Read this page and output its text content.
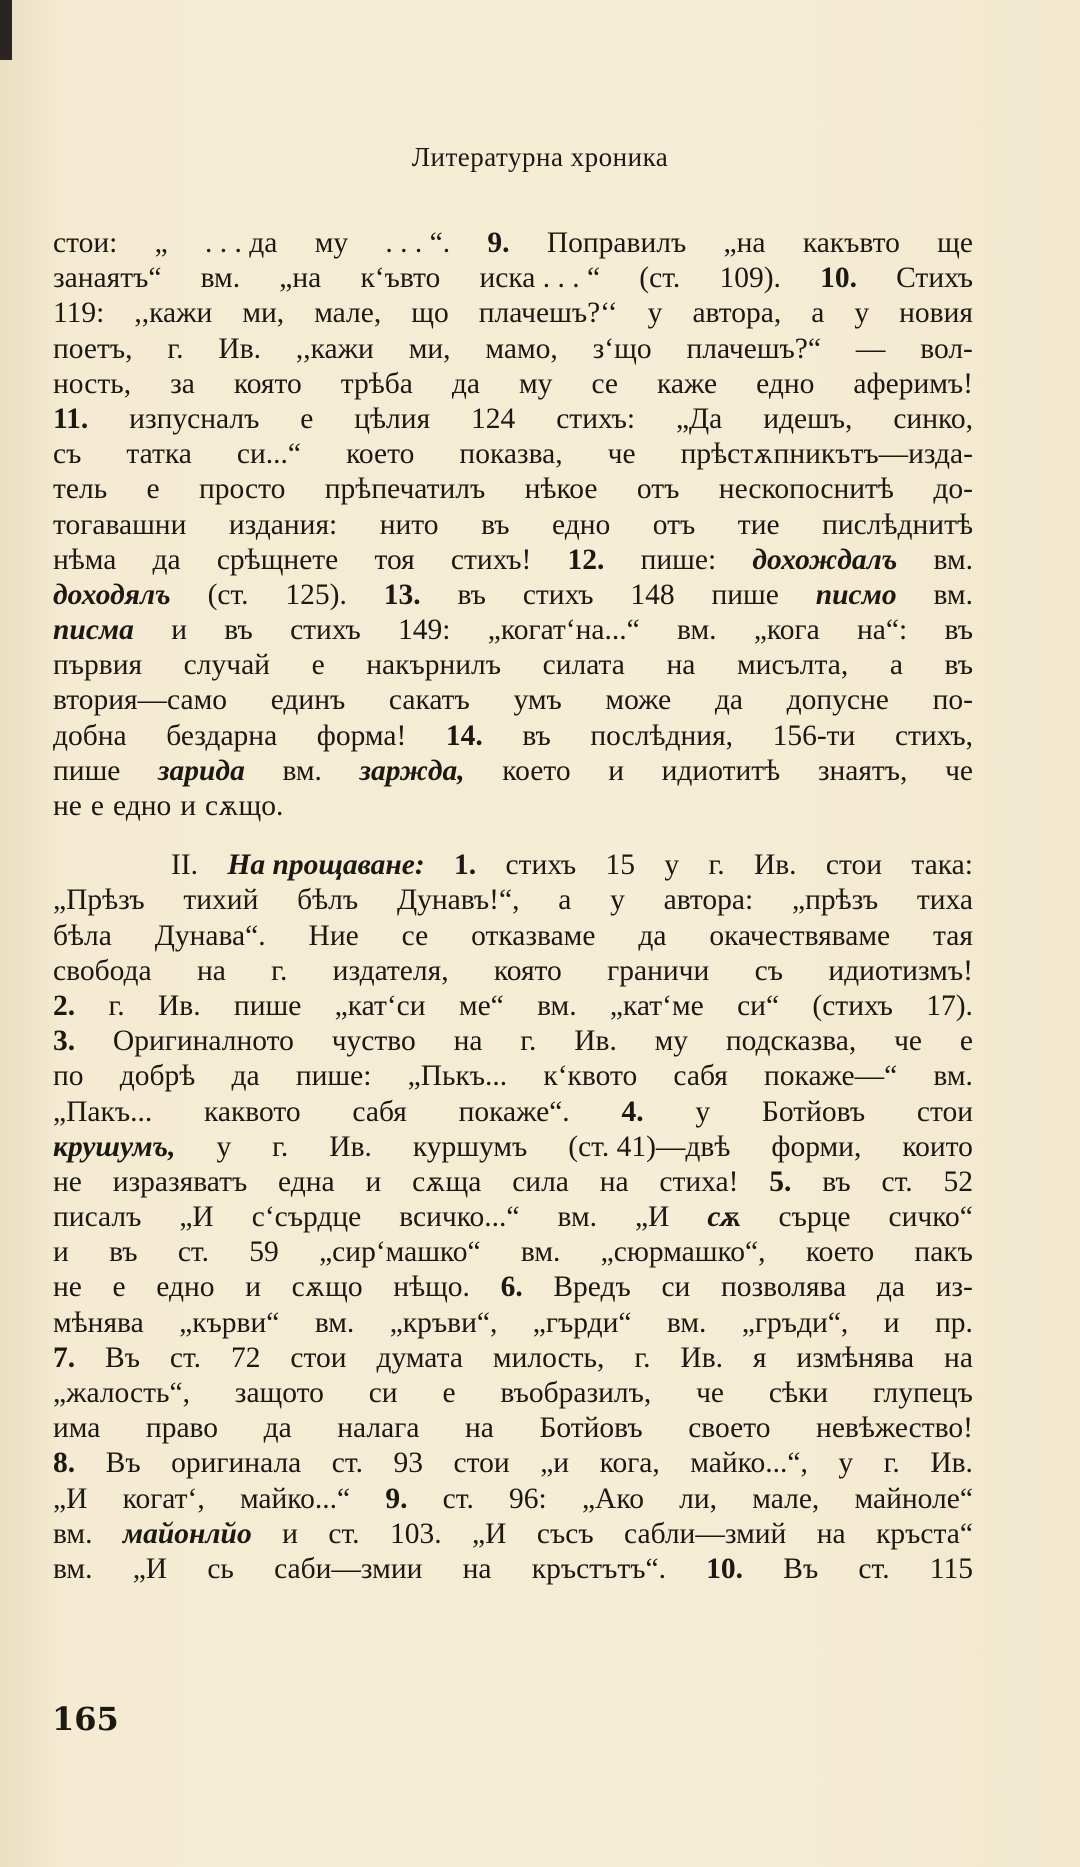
Литературна хроника
стои: „ . . . да му . . . “. 9. Поправилъ „на какъвто ще
занаятъ“ вм. „на к‘ъвто иска . . . “ (ст. 109). 10. Стихъ
119: ,,кажи ми, мале, що плачешъ?‘‘ у автора, а у новия
поетъ, г. Ив. ,,кажи ми, мамо, з‘що плачешъ?“ — вол-
ность, за която трѣба да му се каже едно аферимъ!
11. изпусналъ е цѣлия 124 стихъ: „Да идешъ, синко,
съ татка си...“ което показва, че прѣстѫпникътъ—изда-
тель е просто прѣпечатилъ нѣкое отъ нескопоснитѣ до-
тогавашни издания: нито въ едно отъ тие пислѣднитѣ
нѣма да срѣщнете тоя стихъ! 12. пише: дохождалъ вм.
доходялъ (ст. 125). 13. въ стихъ 148 пише писмо вм.
писма и въ стихъ 149: „когат‘на...“ вм. „кога на“: въ
първия случай е накърнилъ силата на мисълта, а въ
втория—само единъ сакатъ умъ може да допусне по-
добна бездарна форма! 14. въ послѣдния, 156-ти стихъ,
пише зарида вм. заржда, което и идиотитѣ знаятъ, че
не е едно и сѫщо.
II. На прощаване: 1. стихъ 15 у г. Ив. стои така:
„Прѣзъ тихий бѣлъ Дунавъ!“, а у автора: „прѣзъ тиха
бѣла Дунава“. Ние се отказваме да окачествяваме тая
свобода на г. издателя, която граничи съ идиотизмъ!
2. г. Ив. пише „кат‘си ме“ вм. „кат‘ме си“ (стихъ 17).
3. Оригиналното чуство на г. Ив. му подсказва, че е
по добрѣ да пише: „Пькъ... к‘квото сабя покаже—“ вм.
„Пакъ... каквото сабя покаже“. 4. у Ботйовъ стои
крушумъ, у г. Ив. куршумъ (ст. 41)—двѣ форми, които
не изразяватъ една и сѫща сила на стиха! 5. въ ст. 52
писалъ „И с‘сърдце всичко...“ вм. „И сѫ сърце сичко“
и въ ст. 59 „сир‘машко“ вм. „сюрмашко“, което пакъ
не е едно и сѫщо нѣщо. 6. Вредъ си позволява да из-
мѣнява „кърви“ вм. „кръви“, „гърди“ вм. „гръди“, и пр.
7. Въ ст. 72 стои думата милость, г. Ив. я измѣнява на
„жалость“, защото си е въобразилъ, че сѣки глупецъ
има право да налага на Ботйовъ своето невѣжество!
8. Въ оригинала ст. 93 стои „и кога, майко...“, у г. Ив.
„И когат‘, майко...“ 9. ст. 96: „Ако ли, мале, майноле“
вм. майонлйо и ст. 103. „И съсъ сабли—змий на кръста“
вм. „И сь саби—змии на кръстътъ“. 10. Въ ст. 115
165
